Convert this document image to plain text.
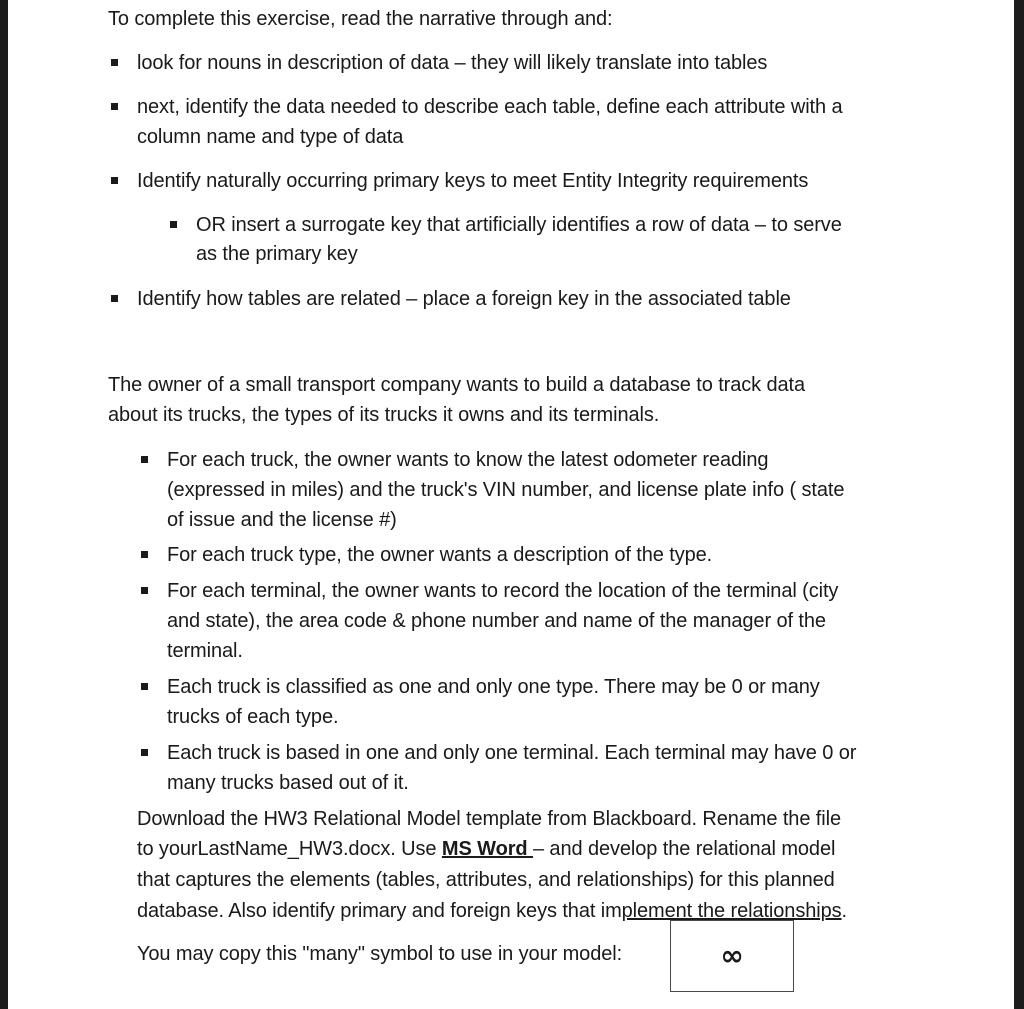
To complete this exercise, read the narrative through and:
look for nouns in description of data – they will likely translate into tables
next, identify the data needed to describe each table, define each attribute with a
column name and type of data
Identify naturally occurring primary keys to meet Entity Integrity requirements
OR insert a surrogate key that artificially identifies a row of data – to serve
as the primary key
Identify how tables are related – place a foreign key in the associated table
The owner of a small transport company wants to build a database to track data
about its trucks, the types of its trucks it owns and its terminals.
For each truck, the owner wants to know the latest odometer reading
(expressed in miles) and the truck's VIN number, and license plate info ( state
of issue and the license #)
For each truck type, the owner wants a description of the type.
For each terminal, the owner wants to record the location of the terminal (city
and state), the area code & phone number and name of the manager of the
terminal.
Each truck is classified as one and only one type. There may be 0 or many
trucks of each type.
Each truck is based in one and only one terminal. Each terminal may have 0 or
many trucks based out of it.
Download the HW3 Relational Model template from Blackboard. Rename the file
to yourLastName_HW3.docx. Use MS Word – and develop the relational model
that captures the elements (tables, attributes, and relationships) for this planned
database. Also identify primary and foreign keys that implement the relationships.
You may copy this "many" symbol to use in your model:	∞
